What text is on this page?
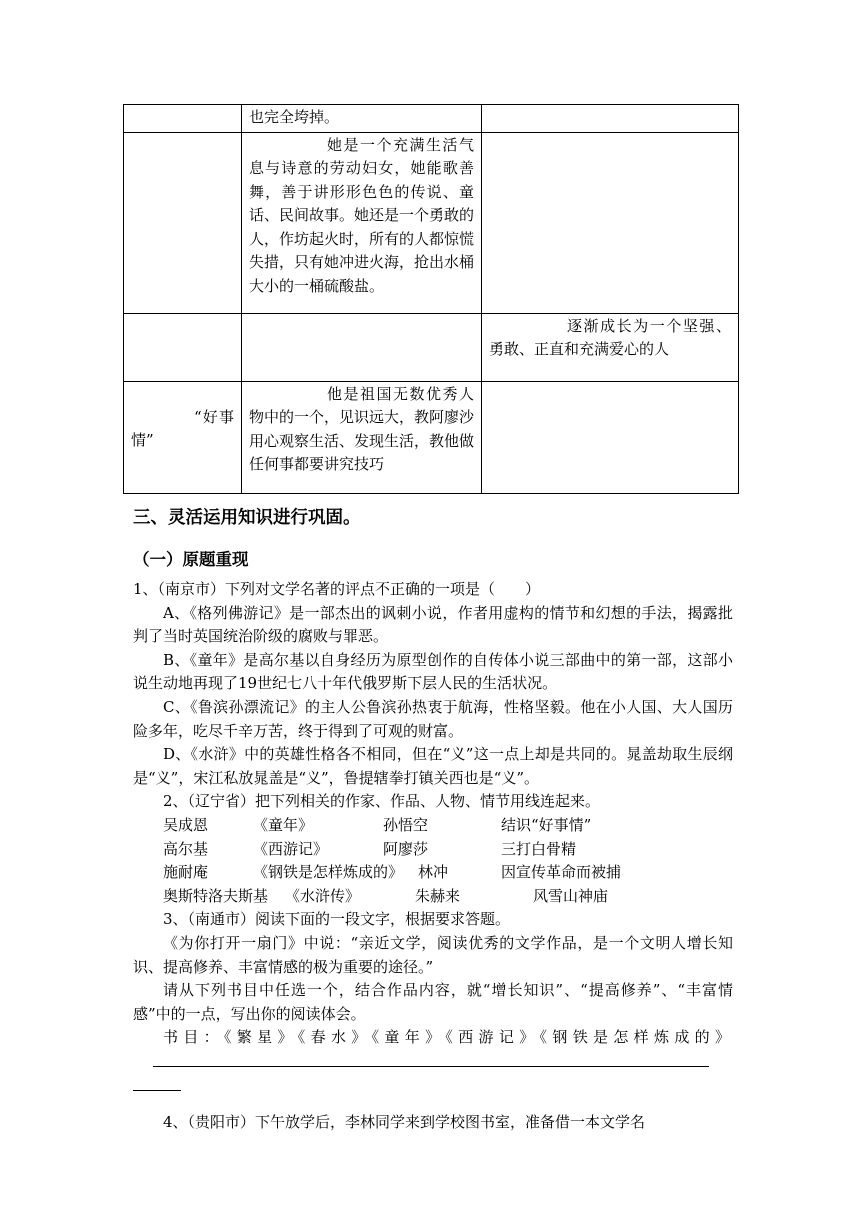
	也完全垮掉。	
	她是一个充满生活气息与诗意的劳动妇女，她能歌善舞，善于讲形形色色的传说、童话、民间故事。她还是一个勇敢的人，作坊起火时，所有的人都惊慌失措，只有她冲进火海，抢出水桶大小的一桶硫酸盐。	
		逐渐成长为一个坚强、勇敢、正直和充满爱心的人
“好事情”	他是祖国无数优秀人物中的一个，见识远大，教阿廖沙用心观察生活、发现生活，教他做任何事都要讲究技巧	
三、灵活运用知识进行巩固。
（一）原题重现

1、（南京市）下列对文学名著的评点不正确的一项是（　　）

A、《格列佛游记》是一部杰出的讽刺小说，作者用虚构的情节和幻想的手法，揭露批判了当时英国统治阶级的腐败与罪恶。

B、《童年》是高尔基以自身经历为原型创作的自传体小说三部曲中的第一部，这部小说生动地再现了19世纪七八十年代俄罗斯下层人民的生活状况。

C、《鲁滨孙漂流记》的主人公鲁滨孙热衷于航海，性格坚毅。他在小人国、大人国历险多年，吃尽千辛万苦，终于得到了可观的财富。

D、《水浒》中的英雄性格各不相同，但在“义”这一点上却是共同的。晁盖劫取生辰纲是“义”，宋江私放晁盖是“义”，鲁提辖拳打镇关西也是“义”。

2、（辽宁省）把下列相关的作家、作品、人物、情节用线连起来。

吴成恩	《童年》	孙悟空	结识“好事情”
高尔基	《西游记》	阿廖莎	三打白骨精
施耐庵	《钢铁是怎样炼成的》 林冲	因宣传革命而被捕
奥斯特洛夫斯基	《水浒传》	朱赫来	风雪山神庙

3、（南通市）阅读下面的一段文字，根据要求答题。

《为你打开一扇门》中说：“亲近文学，阅读优秀的文学作品，是一个文明人增长知识、提高修养、丰富情感的极为重要的途径。”

请从下列书目中任选一个，结合作品内容，就“增长知识”、“提高修养”、“丰富情感”中的一点，写出你的阅读体会。

书目：《繁星》《春水》《童年》《西游记》《钢铁是怎样炼成的》

4、（贵阳市）下午放学后，李林同学来到学校图书室，准备借一本文学名
